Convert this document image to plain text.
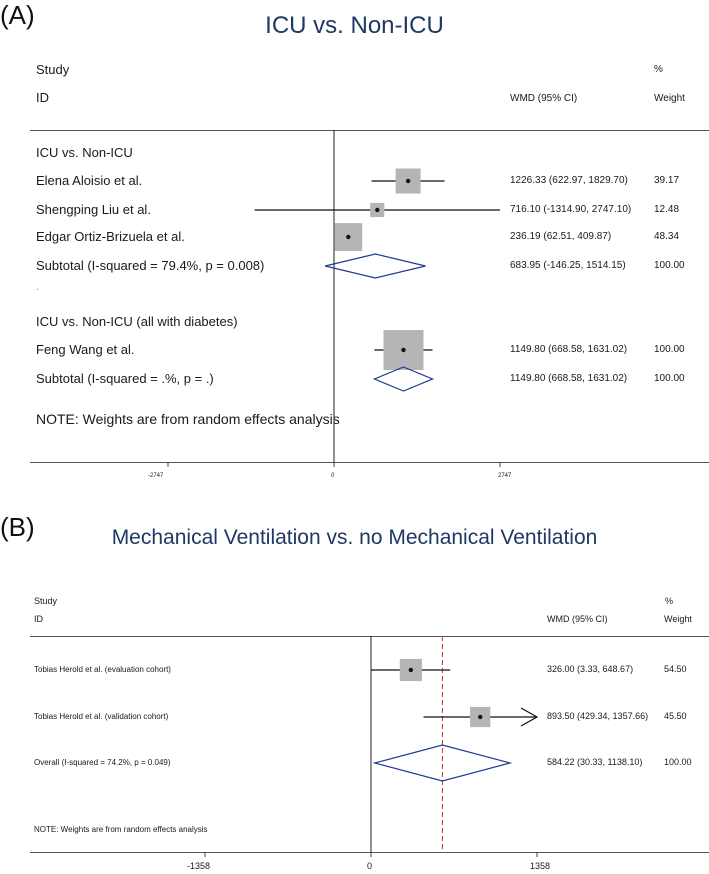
(A)	ICU vs. Non-ICU
Study
ID
%
WMD (95% CI)	Weight
ICU vs. Non-ICU
.
ICU vs. Non-ICU (all with diabetes)
NOTE: Weights are from random effects analysis
-2747	0	2747
(B)	Mechanical Ventilation vs. no Mechanical Ventilation
Study
ID
%
WMD (95% CI)	Weight
NOTE: Weights are from random effects analysis
-1358	0	1358
Elena Aloisio et al.	1226.33 (622.97, 1829.70)	39.17
Shengping Liu et al.	716.10 (-1314.90, 2747.10) 12.48
Edgar Ortiz-Brizuela et al.	236.19 (62.51, 409.87)	48.34
Subtotal (I-squared = 79.4%, p = 0.008)	683.95 (-146.25, 1514.15)	100.00
Feng Wang et al.	1149.80 (668.58, 1631.02)	100.00
Subtotal (I-squared = .%, p = .)	1149.80 (668.58, 1631.02)	100.00
Tobias Herold et al. (evaluation cohort)	326.00 (3.33, 648.67)	54.50
Tobias Herold et al. (validation cohort)	893.50 (429.34, 1357.66) 45.50
Overall (I-squared = 74.2%, p = 0.049)	584.22 (30.33, 1138.10) 100.00
